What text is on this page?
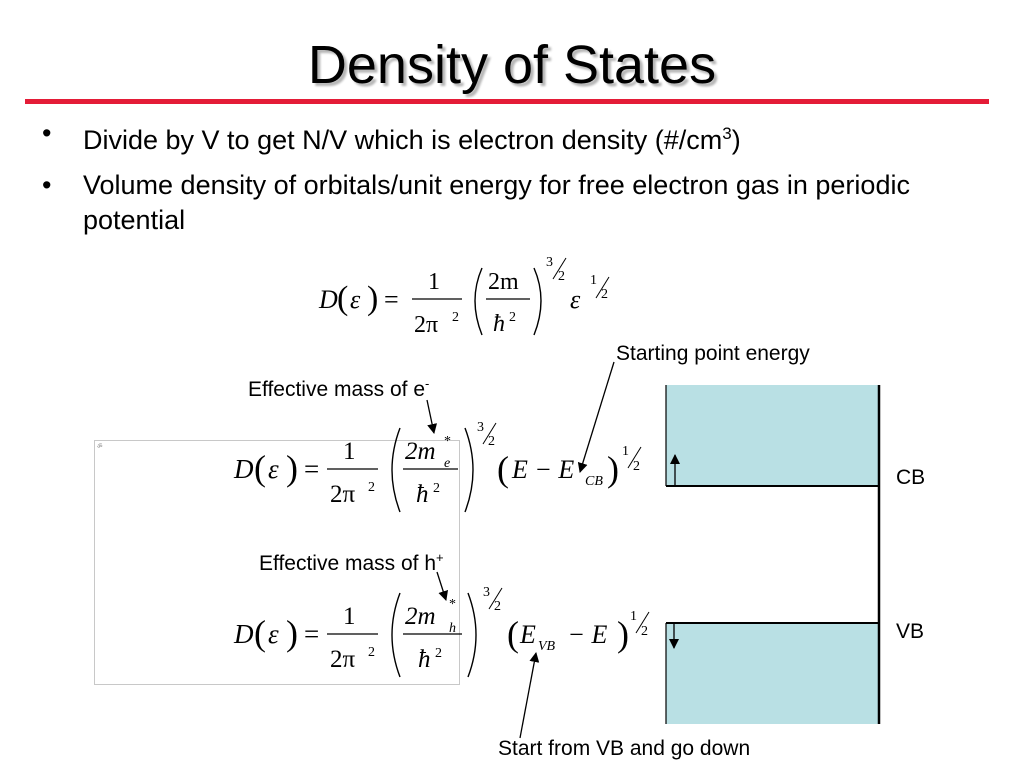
Density of States
• Divide by V to get N/V which is electron density $(\#/cm^3)$
• Volume density of orbitals/unit energy for free electron gas in periodic potential
ॐ
D ( ε ) =
1
2π 2
2m
ħ 2
3
2
ε
1
2
D ( ε ) =
1
2π 2
2m *
e
ħ 2
3
2
( E − E CB ) 1
2
D ( ε ) =
1
2π 2
2m *
h
ħ 2
3
2
( E VB − E ) 1
2
Effective mass of e-
Effective mass of h+
Starting point energy
Start from VB and go down
CB
VB
